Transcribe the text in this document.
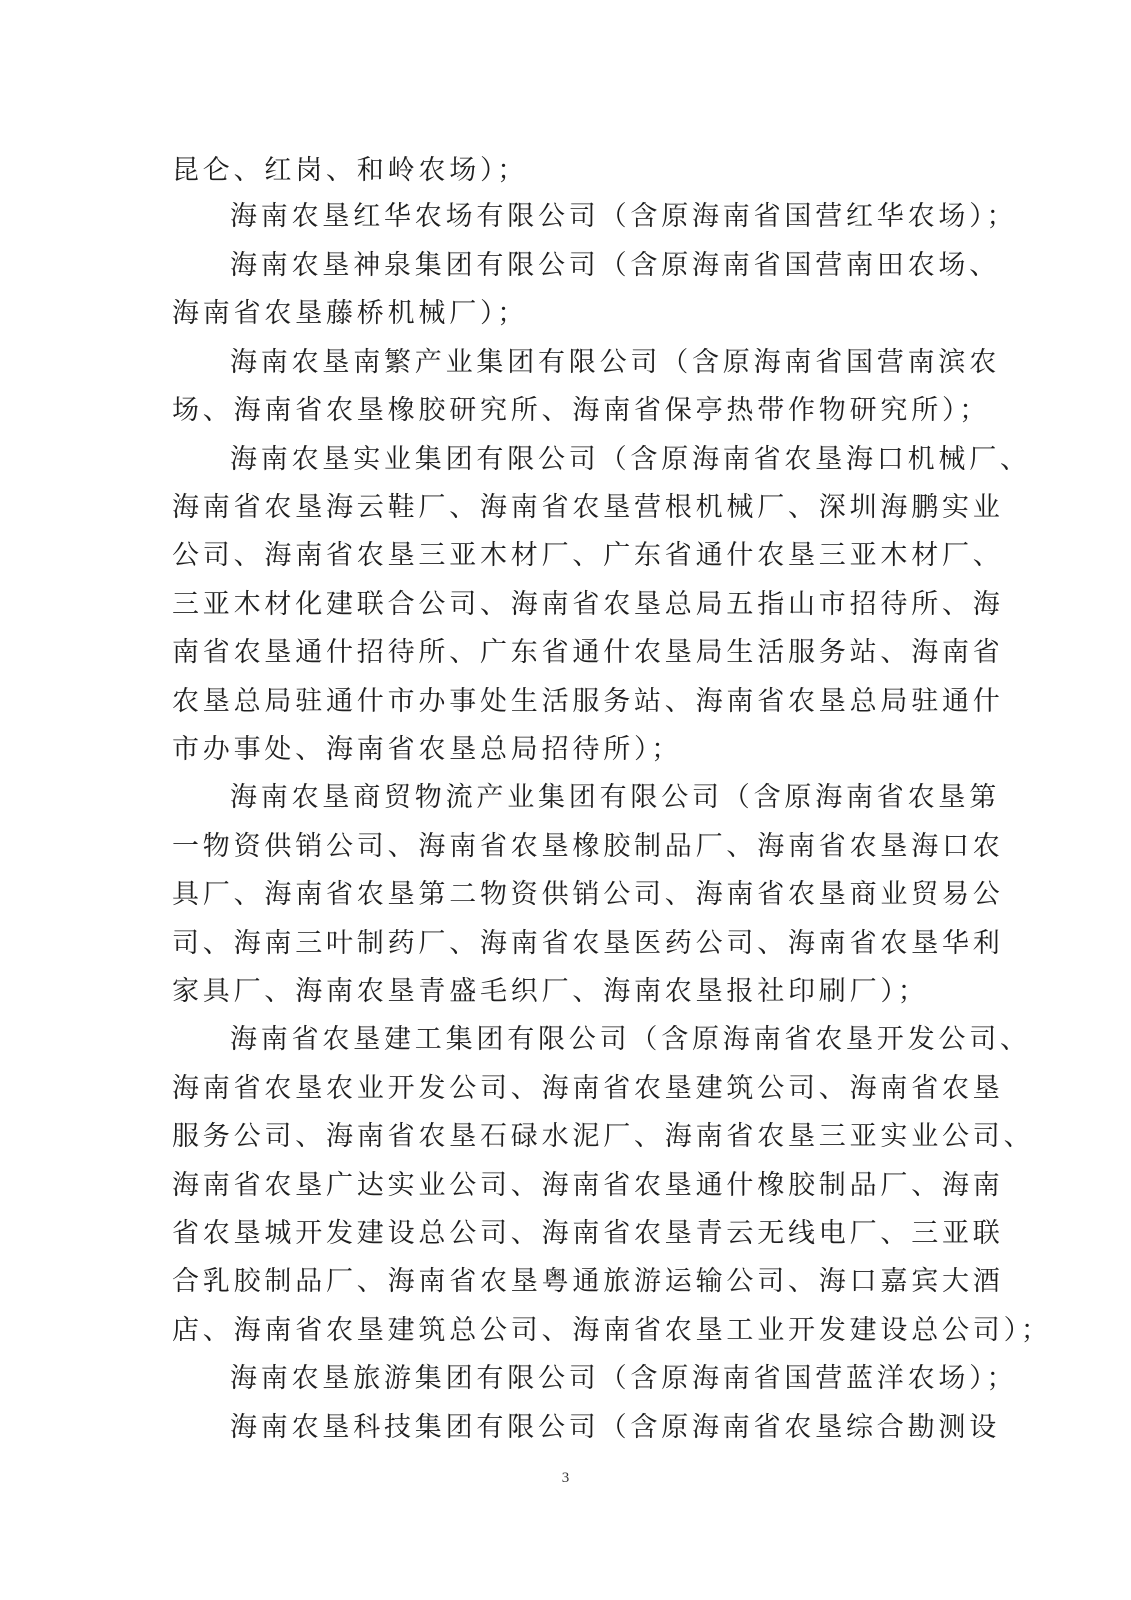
昆仑、红岗、和岭农场）；
海南农垦红华农场有限公司（含原海南省国营红华农场）；
海南农垦神泉集团有限公司（含原海南省国营南田农场、
海南省农垦藤桥机械厂）；
海南农垦南繁产业集团有限公司（含原海南省国营南滨农
场、海南省农垦橡胶研究所、海南省保亭热带作物研究所）；
海南农垦实业集团有限公司（含原海南省农垦海口机械厂、
海南省农垦海云鞋厂、海南省农垦营根机械厂、深圳海鹏实业
公司、海南省农垦三亚木材厂、广东省通什农垦三亚木材厂、
三亚木材化建联合公司、海南省农垦总局五指山市招待所、海
南省农垦通什招待所、广东省通什农垦局生活服务站、海南省
农垦总局驻通什市办事处生活服务站、海南省农垦总局驻通什
市办事处、海南省农垦总局招待所）；
海南农垦商贸物流产业集团有限公司（含原海南省农垦第
一物资供销公司、海南省农垦橡胶制品厂、海南省农垦海口农
具厂、海南省农垦第二物资供销公司、海南省农垦商业贸易公
司、海南三叶制药厂、海南省农垦医药公司、海南省农垦华利
家具厂、海南农垦青盛毛织厂、海南农垦报社印刷厂）；
海南省农垦建工集团有限公司（含原海南省农垦开发公司、
海南省农垦农业开发公司、海南省农垦建筑公司、海南省农垦
服务公司、海南省农垦石碌水泥厂、海南省农垦三亚实业公司、
海南省农垦广达实业公司、海南省农垦通什橡胶制品厂、海南
省农垦城开发建设总公司、海南省农垦青云无线电厂、三亚联
合乳胶制品厂、海南省农垦粤通旅游运输公司、海口嘉宾大酒
店、海南省农垦建筑总公司、海南省农垦工业开发建设总公司）；
海南农垦旅游集团有限公司（含原海南省国营蓝洋农场）；
海南农垦科技集团有限公司（含原海南省农垦综合勘测设
3
